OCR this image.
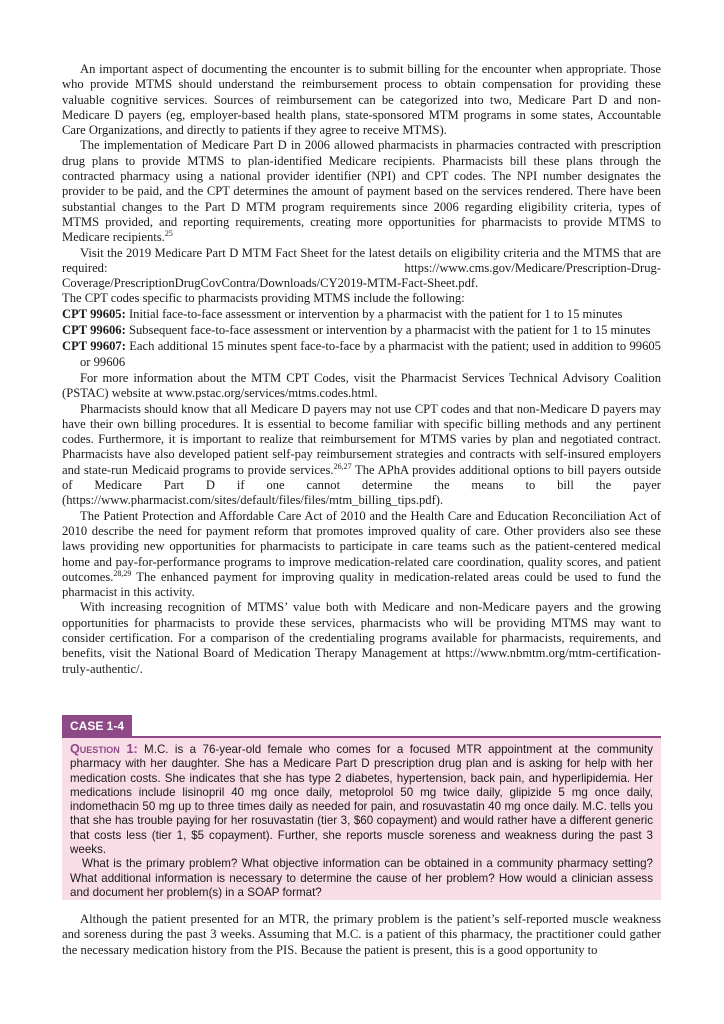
An important aspect of documenting the encounter is to submit billing for the encounter when appropriate. Those who provide MTMS should understand the reimbursement process to obtain compensation for providing these valuable cognitive services. Sources of reimbursement can be categorized into two, Medicare Part D and non-Medicare D payers (eg, employer-based health plans, state-sponsored MTM programs in some states, Accountable Care Organizations, and directly to patients if they agree to receive MTMS).

The implementation of Medicare Part D in 2006 allowed pharmacists in pharmacies contracted with prescription drug plans to provide MTMS to plan-identified Medicare recipients. Pharmacists bill these plans through the contracted pharmacy using a national provider identifier (NPI) and CPT codes. The NPI number designates the provider to be paid, and the CPT determines the amount of payment based on the services rendered. There have been substantial changes to the Part D MTM program requirements since 2006 regarding eligibility criteria, types of MTMS provided, and reporting requirements, creating more opportunities for pharmacists to provide MTMS to Medicare recipients.$^{25}$

Visit the 2019 Medicare Part D MTM Fact Sheet for the latest details on eligibility criteria and the MTMS that are required:	https://www.cms.gov/Medicare/Prescription-Drug-

Coverage/PrescriptionDrugCovContra/Downloads/CY2019-MTM-Fact-Sheet.pdf.

The CPT codes specific to pharmacists providing MTMS include the following:

CPT 99605: Initial face-to-face assessment or intervention by a pharmacist with the patient for 1 to 15 minutes
CPT 99606: Subsequent face-to-face assessment or intervention by a pharmacist with the patient for 1 to 15 minutes
CPT 99607: Each additional 15 minutes spent face-to-face by a pharmacist with the patient; used in addition to 99605 or 99606

For more information about the MTM CPT Codes, visit the Pharmacist Services Technical Advisory Coalition (PSTAC) website at www.pstac.org/services/mtms.codes.html.

Pharmacists should know that all Medicare D payers may not use CPT codes and that non-Medicare D payers may have their own billing procedures. It is essential to become familiar with specific billing methods and any pertinent codes. Furthermore, it is important to realize that reimbursement for MTMS varies by plan and negotiated contract. Pharmacists have also developed patient self-pay reimbursement strategies and contracts with self-insured employers and state-run Medicaid programs to provide services.$^{26,27}$ The APhA provides additional options to bill payers outside of Medicare Part D if one cannot determine the means to bill the payer (https://www.pharmacist.com/sites/default/files/files/mtm_billing_tips.pdf).

The Patient Protection and Affordable Care Act of 2010 and the Health Care and Education Reconciliation Act of 2010 describe the need for payment reform that promotes improved quality of care. Other providers also see these laws providing new opportunities for pharmacists to participate in care teams such as the patient-centered medical home and pay-for-performance programs to improve medication-related care coordination, quality scores, and patient outcomes.$^{28,29}$ The enhanced payment for improving quality in medication-related areas could be used to fund the pharmacist in this activity.

With increasing recognition of MTMS’ value both with Medicare and non-Medicare payers and the growing opportunities for pharmacists to provide these services, pharmacists who will be providing MTMS may want to consider certification. For a comparison of the credentialing programs available for pharmacists, requirements, and benefits, visit the National Board of Medication Therapy Management at https://www.nbmtm.org/mtm-certification-truly-authentic/.

CASE 1-4

Question 1: M.C. is a 76-year-old female who comes for a focused MTR appointment at the community pharmacy with her daughter. She has a Medicare Part D prescription drug plan and is asking for help with her medication costs. She indicates that she has type 2 diabetes, hypertension, back pain, and hyperlipidemia. Her medications include lisinopril 40 mg once daily, metoprolol 50 mg twice daily, glipizide 5 mg once daily, indomethacin 50 mg up to three times daily as needed for pain, and rosuvastatin 40 mg once daily. M.C. tells you that she has trouble paying for her rosuvastatin (tier 3, $60 copayment) and would rather have a different generic that costs less (tier 1, $5 copayment). Further, she reports muscle soreness and weakness during the past 3 weeks.

What is the primary problem? What objective information can be obtained in a community pharmacy setting? What additional information is necessary to determine the cause of her problem? How would a clinician assess and document her problem(s) in a SOAP format?

Although the patient presented for an MTR, the primary problem is the patient’s self-reported muscle weakness and soreness during the past 3 weeks. Assuming that M.C. is a patient of this pharmacy, the practitioner could gather the necessary medication history from the PIS. Because the patient is present, this is a good opportunity to
